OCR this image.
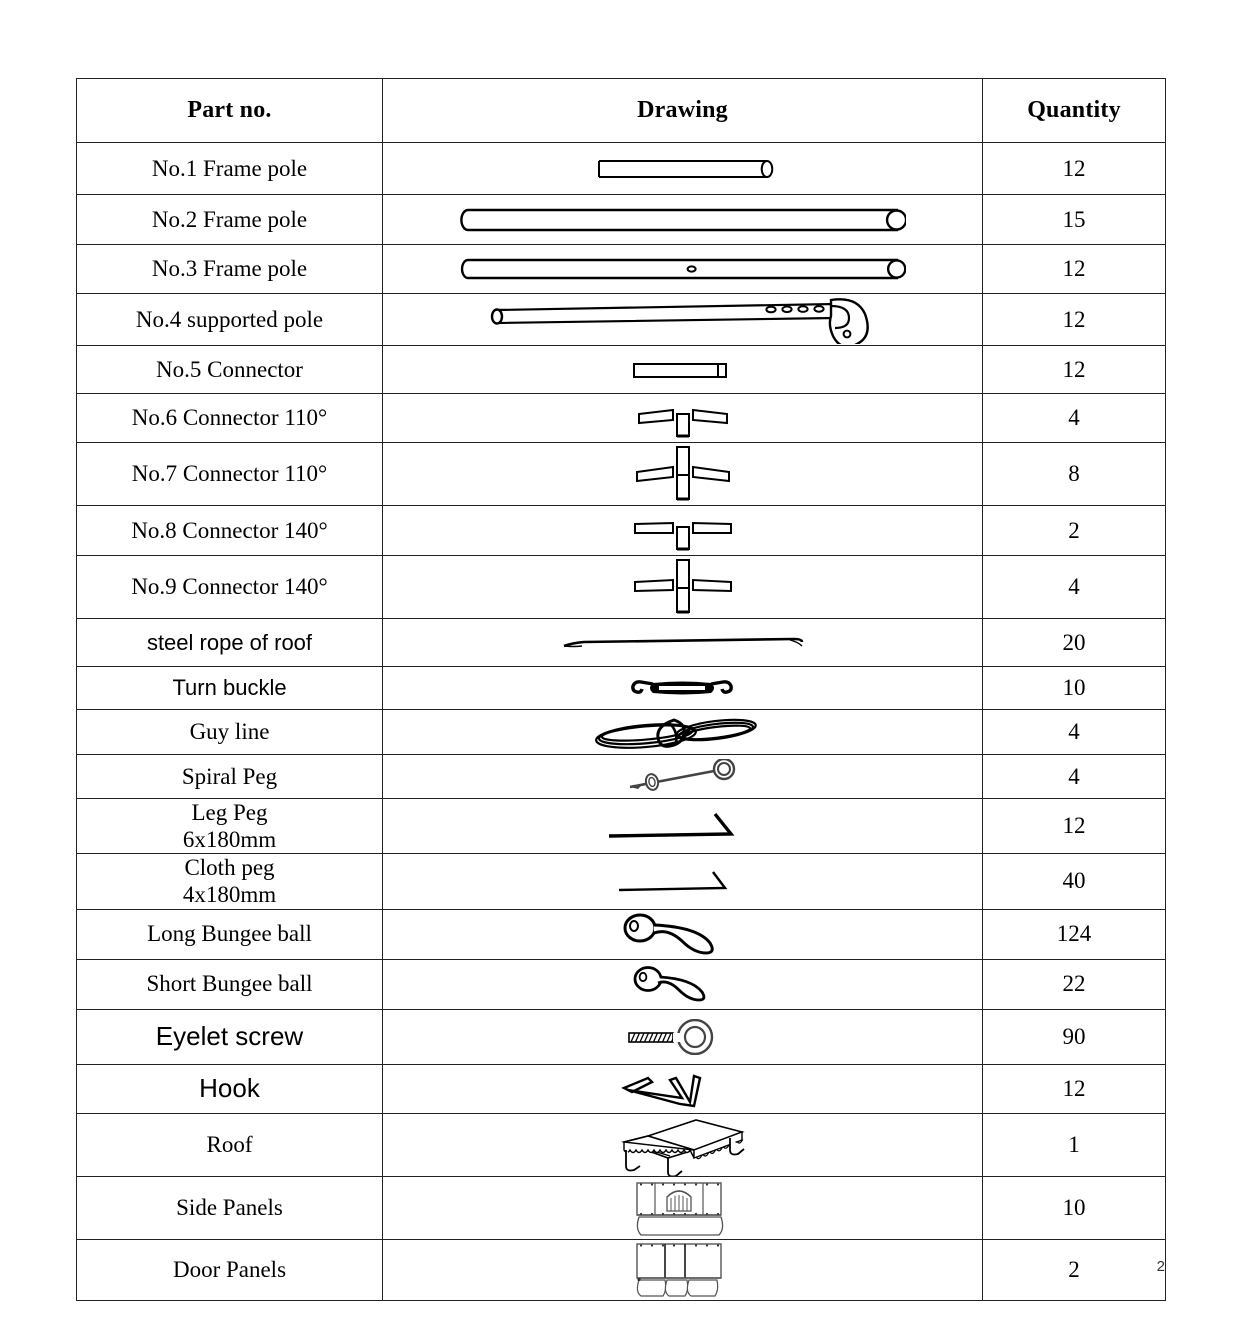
Part no.	Drawing	Quantity
No.1 Frame pole		12
No.2 Frame pole		15
No.3 Frame pole		12
No.4 supported pole		12
No.5 Connector		12
No.6 Connector 110°		4
No.7 Connector 110°		8
No.8 Connector 140°		2
No.9 Connector 140°		4
steel rope of roof		20
Turn buckle		10
Guy line		4
Spiral Peg		4
Leg Peg
6x180mm		12
Cloth peg
4x180mm		40
Long Bungee ball		124
Short Bungee ball		22
Eyelet screw		90
Hook		12
Roof		1
Side Panels		10
Door Panels		2	2
